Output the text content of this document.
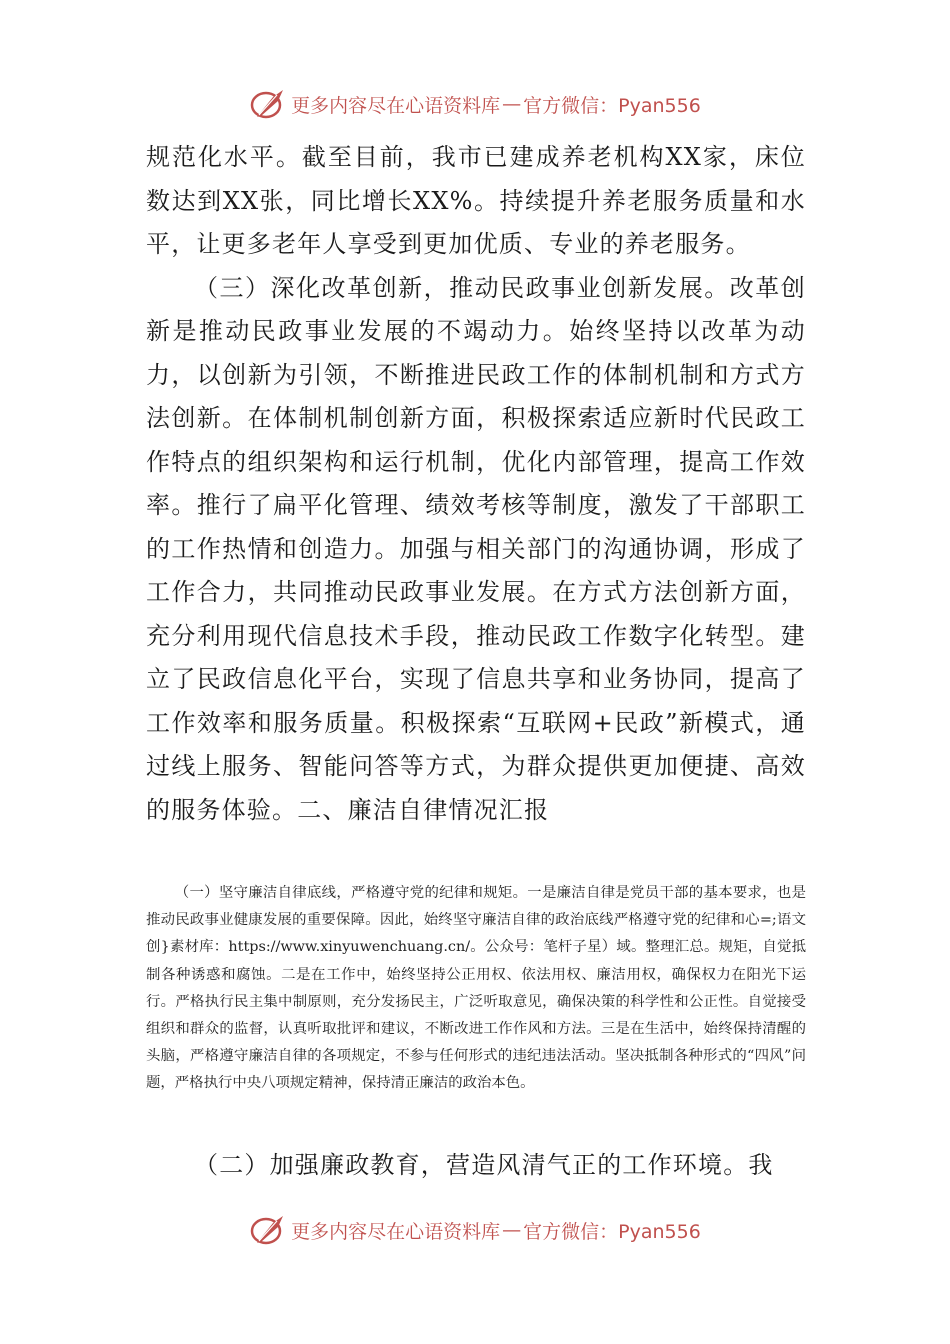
更多内容尽在心语资料库 — 官方微信：Pyan556

规范化水平。截至目前，我市已建成养老机构XX家，床位数达到XX张，同比增长XX%。持续提升养老服务质量和水平，让更多老年人享受到更加优质、专业的养老服务。

（三）深化改革创新，推动民政事业创新发展。改革创新是推动民政事业发展的不竭动力。始终坚持以改革为动力，以创新为引领，不断推进民政工作的体制机制和方式方法创新。在体制机制创新方面，积极探索适应新时代民政工作特点的组织架构和运行机制，优化内部管理，提高工作效率。推行了扁平化管理、绩效考核等制度，激发了干部职工的工作热情和创造力。加强与相关部门的沟通协调，形成了工作合力，共同推动民政事业发展。在方式方法创新方面，充分利用现代信息技术手段，推动民政工作数字化转型。建立了民政信息化平台，实现了信息共享和业务协同，提高了工作效率和服务质量。积极探索“互联网+民政”新模式，通过线上服务、智能问答等方式，为群众提供更加便捷、高效的服务体验。二、廉洁自律情况汇报

（一）坚守廉洁自律底线，严格遵守党的纪律和规矩。一是廉洁自律是党员干部的基本要求，也是推动民政事业健康发展的重要保障。因此，始终坚守廉洁自律的政治底线严格遵守党的纪律和心=;语文创}素材库：https://www.xinyuwenchuang.cn/。公众号：笔杆子星）域。整理汇总。规矩，自觉抵制各种诱惑和腐蚀。二是在工作中，始终坚持公正用权、依法用权、廉洁用权，确保权力在阳光下运行。严格执行民主集中制原则，充分发扬民主，广泛听取意见，确保决策的科学性和公正性。自觉接受组织和群众的监督，认真听取批评和建议，不断改进工作作风和方法。三是在生活中，始终保持清醒的头脑，严格遵守廉洁自律的各项规定，不参与任何形式的违纪违法活动。坚决抵制各种形式的“四风”问题，严格执行中央八项规定精神，保持清正廉洁的政治本色。

（二）加强廉政教育，营造风清气正的工作环境。我

更多内容尽在心语资料库 — 官方微信：Pyan556
